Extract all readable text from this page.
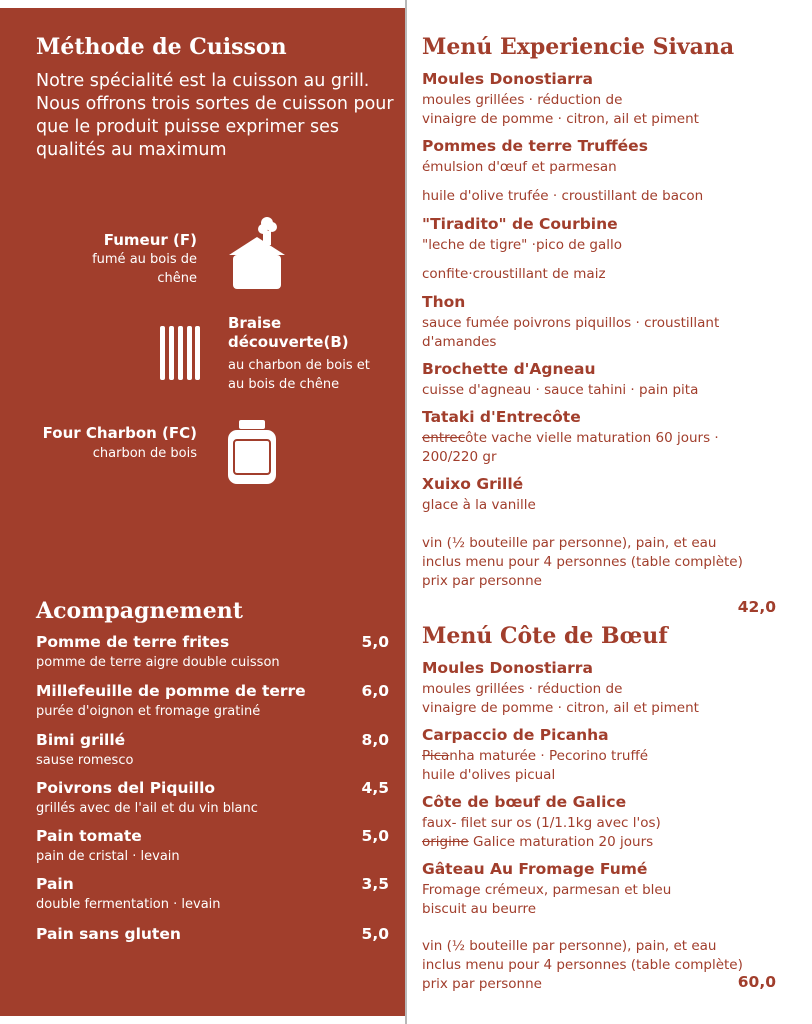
Méthode de Cuisson
Notre spécialité est la cuisson au grill. Nous offrons trois sortes de cuisson pour que le produit puisse exprimer ses qualités au maximum
Fumeur (F)
fumé au bois de
chêne
Braise
découverte(B)
au charbon de bois et
au bois de chêne
Four Charbon (FC)
charbon de bois
Acompagnement
Pomme de terre frites	5,0
pomme de terre aigre double cuisson
Millefeuille de pomme de terre	6,0
purée d'oignon et fromage gratiné
Bimi grillé	8,0
sause romesco
Poivrons del Piquillo	4,5
grillés avec de l'ail et du vin blanc
Pain tomate	5,0
pain de cristal · levain
Pain	3,5
double fermentation · levain
Pain sans gluten	5,0
Menú Experiencie Sivana
Moules Donostiarra
moules grillées · réduction de
vinaigre de pomme · citron, ail et piment
Pommes de terre Truffées
émulsion d'œuf et parmesan
huile d'olive trufée · croustillant de bacon
"Tiradito" de Courbine
"leche de tigre" ·pico de gallo
confite·croustillant de maiz
Thon
sauce fumée poivrons piquillos · croustillant
d'amandes
Brochette d'Agneau
cuisse d'agneau · sauce tahini · pain pita
Tataki d'Entrecôte
entrecôte vache vielle maturation 60 jours ·
200/220 gr
Xuixo Grillé
glace à la vanille
vin (½ bouteille par personne), pain, et eau
inclus menu pour 4 personnes (table complète)
prix par personne
42,0
Menú Côte de Bœuf
Moules Donostiarra
moules grillées · réduction de
vinaigre de pomme · citron, ail et piment
Carpaccio de Picanha
Picanha maturée · Pecorino truffé
huile d'olives picual
Côte de bœuf de Galice
faux- filet sur os (1/1.1kg avec l'os)
origine Galice maturation 20 jours
Gâteau Au Fromage Fumé
Fromage crémeux, parmesan et bleu
biscuit au beurre
vin (½ bouteille par personne), pain, et eau
inclus menu pour 4 personnes (table complète)
prix par personne	60,0
